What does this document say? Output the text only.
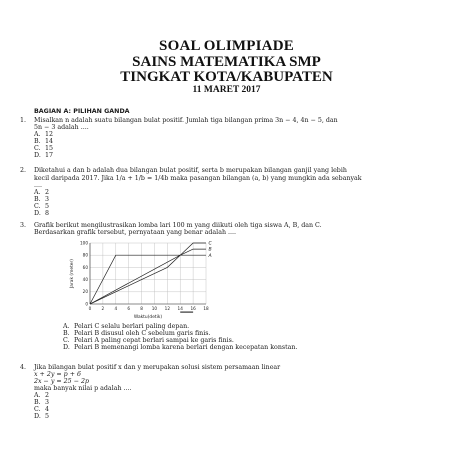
SOAL OLIMPIADE
SAINS MATEMATIKA SMP
TINGKAT KOTA/KABUPATEN
11 MARET 2017
BAGIAN A: PILIHAN GANDA
1. Misalkan n adalah suatu bilangan bulat positif. Jumlah tiga bilangan prima 3n − 4, 4n − 5, dan
5n − 3 adalah ....
A. 12
B. 14
C. 15
D. 17
2. Diketahui a dan b adalah dua bilangan bulat positif, serta b merupakan bilangan ganjil yang lebih
kecil daripada 2017. Jika 1/a + 1/b = 1/4b maka pasangan bilangan (a, b) yang mungkin ada sebanyak
....
A. 2
B. 3
C. 5
D. 8
3. Grafik berikut mengilustrasikan lomba lari 100 m yang diikuti oleh tiga siswa A, B, dan C.
Berdasarkan grafik tersebut, pernyataan yang benar adalah ....
0 2 4 6 8 10 12 14 16 18
0
20
40
60
80
100
Waktu(detik)
Jarak (meter)
A
B
C
A. Pelari C selalu berlari paling depan.
B. Pelari B disusul oleh C sebelum garis finis.
C. Pelari A paling cepat berlari sampai ke garis finis.
D. Pelari B memenangi lomba karena berlari dengan kecepatan konstan.
4. Jika bilangan bulat positif x dan y merupakan solusi sistem persamaan linear
x + 2y = p + 6
2x − y = 25 − 2p
maka banyak nilai p adalah ....
A. 2
B. 3
C. 4
D. 5
